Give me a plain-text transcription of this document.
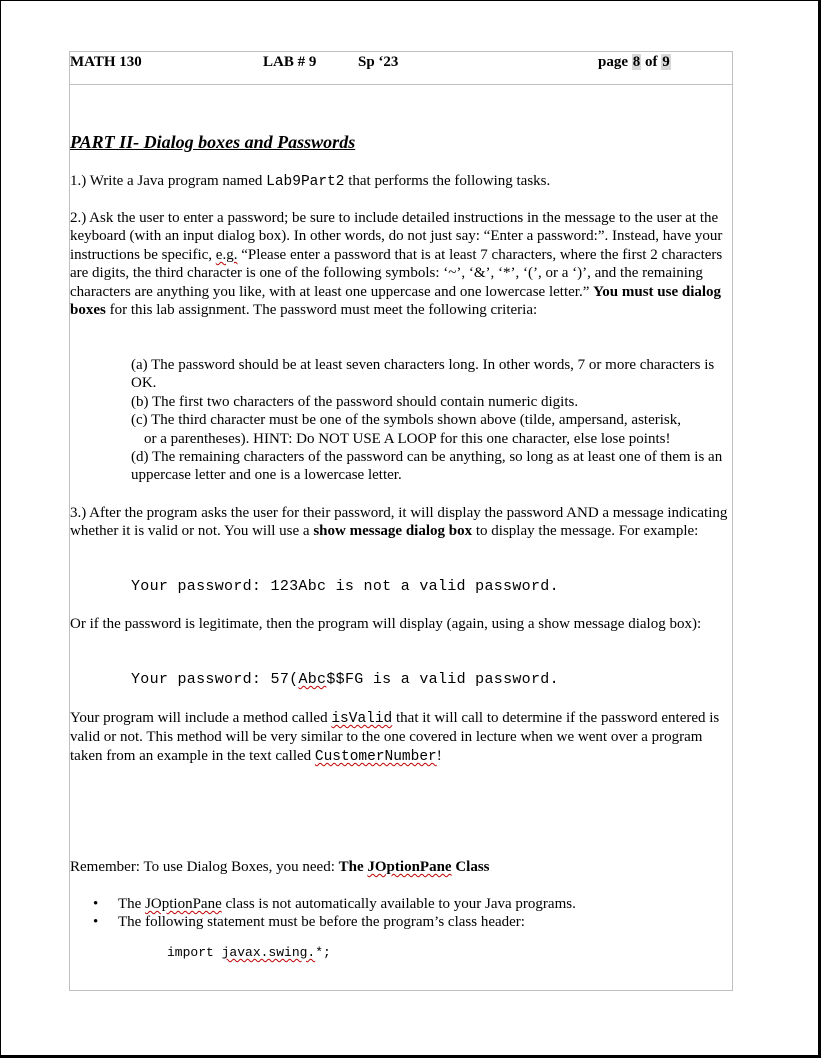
MATH 130	LAB # 9	Sp ‘23	page 8 of 9
PART II- Dialog boxes and Passwords
1.) Write a Java program named Lab9Part2 that performs the following tasks.
2.) Ask the user to enter a password; be sure to include detailed instructions in the message to the user at the keyboard (with an input dialog box). In other words, do not just say: “Enter a password:”. Instead, have your instructions be specific, e.g. “Please enter a password that is at least 7 characters, where the first 2 characters are digits, the third character is one of the following symbols: ‘~’, ‘&’, ‘*’, ‘(’, or a ‘)’, and the remaining characters are anything you like, with at least one uppercase and one lowercase letter.” You must use dialog boxes for this lab assignment. The password must meet the following criteria:
(a) The password should be at least seven characters long. In other words, 7 or more characters is OK.
(b) The first two characters of the password should contain numeric digits.
(c) The third character must be one of the symbols shown above (tilde, ampersand, asterisk,
or a parentheses). HINT: Do NOT USE A LOOP for this one character, else lose points!
(d) The remaining characters of the password can be anything, so long as at least one of them is an uppercase letter and one is a lowercase letter.
3.) After the program asks the user for their password, it will display the password AND a message indicating whether it is valid or not. You will use a show message dialog box to display the message. For example:
Your password: 123Abc is not a valid password.
Or if the password is legitimate, then the program will display (again, using a show message dialog box):
Your password: 57(Abc$$FG is a valid password.
Your program will include a method called isValid that it will call to determine if the password entered is valid or not. This method will be very similar to the one covered in lecture when we went over a program taken from an example in the text called CustomerNumber!
Remember: To use Dialog Boxes, you need: The JOptionPane Class
• The JOptionPane class is not automatically available to your Java programs.
• The following statement must be before the program’s class header:
import javax.swing.*;
